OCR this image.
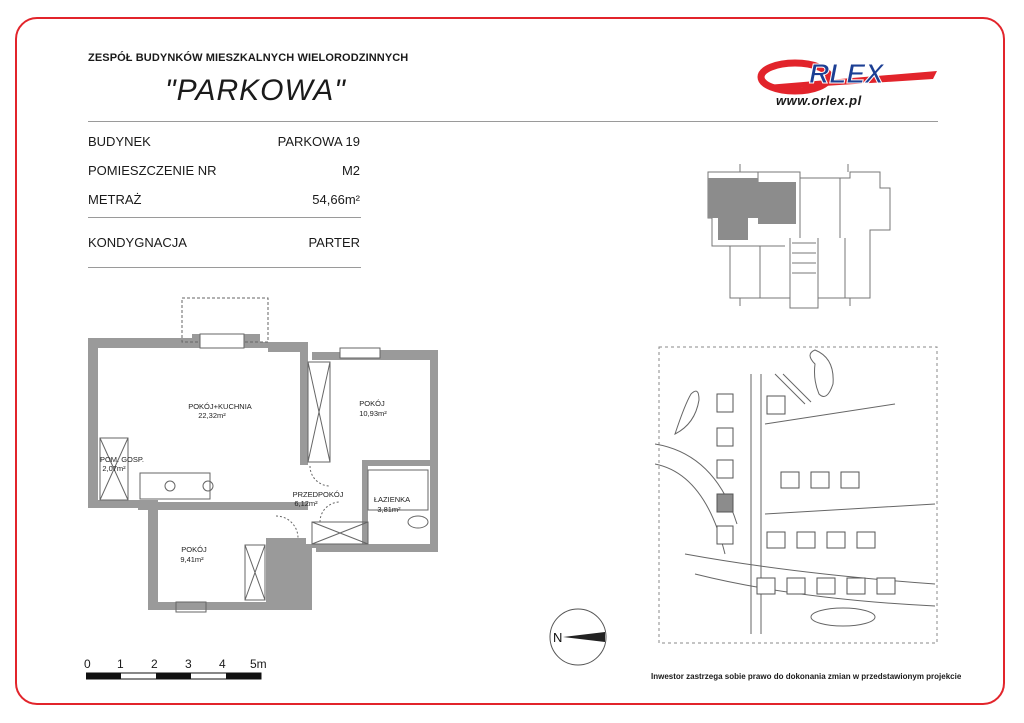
ZESPÓŁ BUDYNKÓW MIESZKALNYCH WIELORODZINNYCH
"PARKOWA"
RLEX
www.orlex.pl
BUDYNEK	PARKOWA 19
POMIESZCZENIE NR	M2
METRAŻ	54,66m²
KONDYGNACJA	PARTER
POKÓJ+KUCHNIA
22,32m²
POKÓJ
10,93m²
POM. GOSP.
2,07m²
PRZEDPOKÓJ
6,12m²	ŁAZIENKA
3,81m²
POKÓJ
9,41m²
N
0 1 2 3 4 5m
Inwestor zastrzega sobie prawo do dokonania zmian w przedstawionym projekcie
